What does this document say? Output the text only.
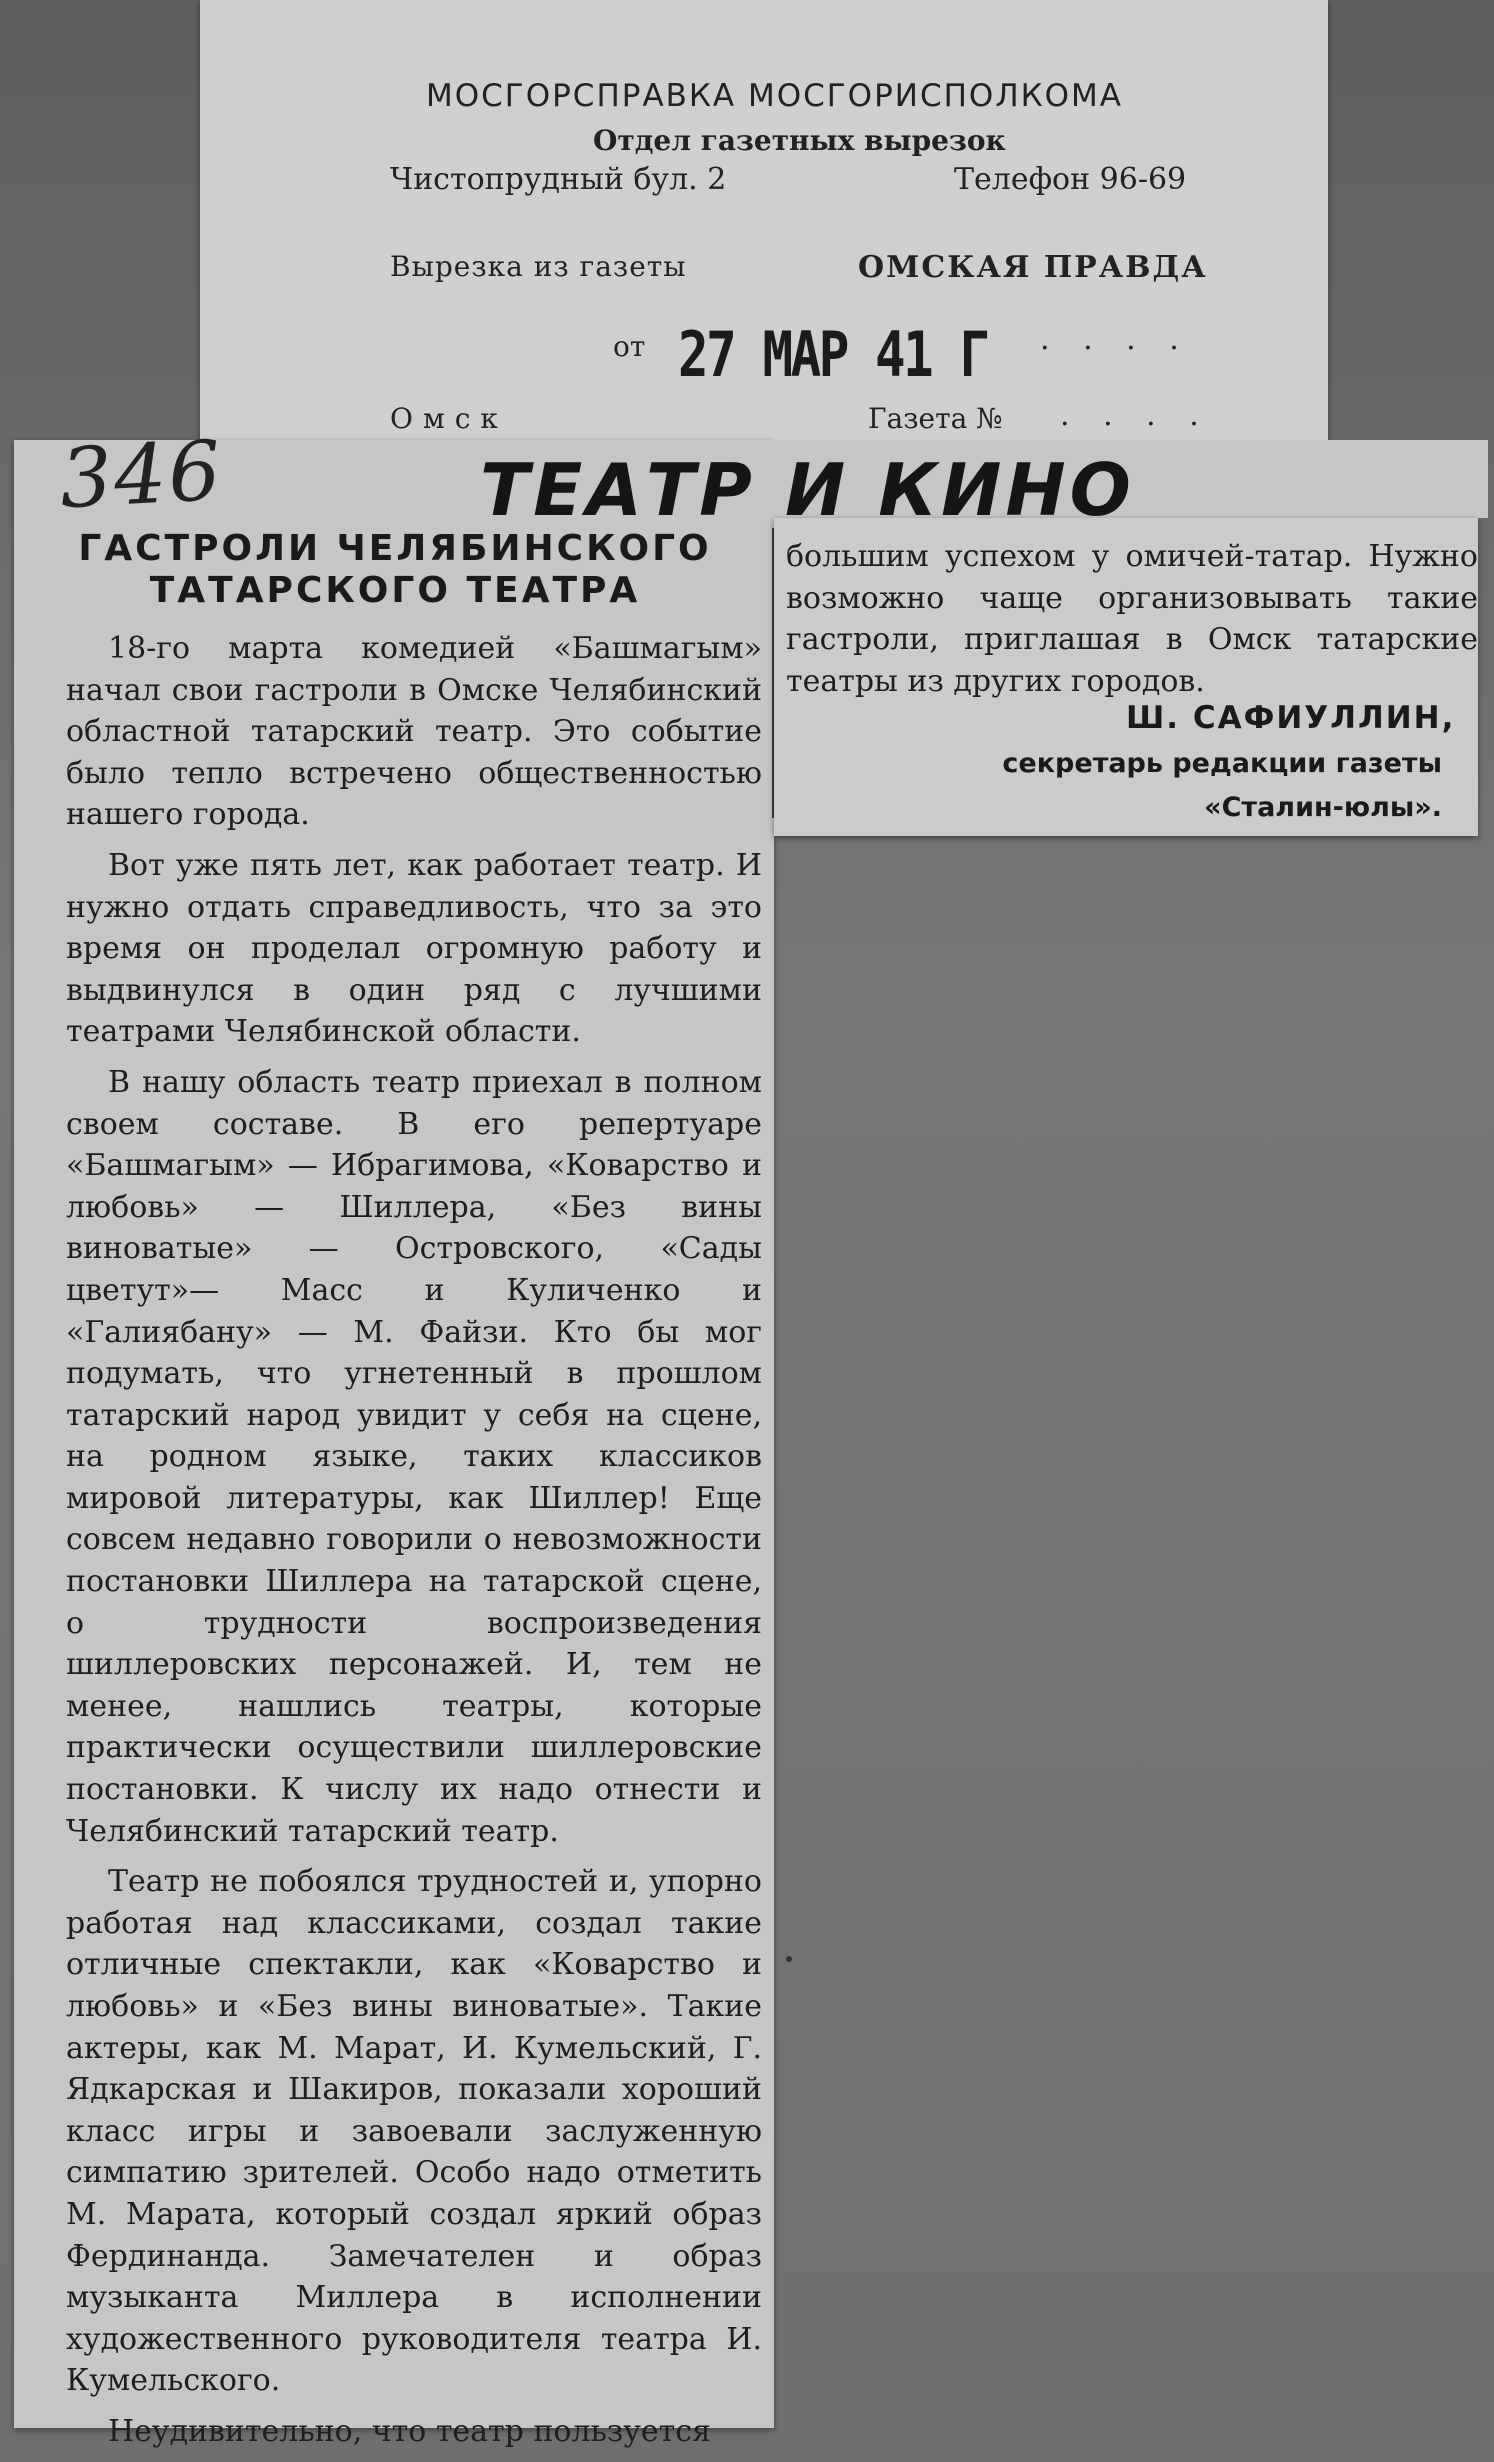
МОСГОРСПРАВКА МОСГОРИСПОЛКОМА
Отдел газетных вырезок
Чистопрудный бул. 2	Телефон 96-69
Вырезка из газеты	ОМСКАЯ ПРАВДА
от 27 МАР 41 Г . . . .
Омск	Газета № . . . .
346	ТЕАТР И КИНО
ГАСТРОЛИ ЧЕЛЯБИНСКОГО ТАТАРСКОГО ТЕАТРА

18-го марта комедией «Башмагым» начал свои гастроли в Омске Челябинский областной татарский театр. Это событие было тепло встречено общественностью нашего города.

Вот уже пять лет, как работает театр. И нужно отдать справедливость, что за это время он проделал огромную работу и выдвинулся в один ряд с лучшими театрами Челябинской области.

В нашу область театр приехал в полном своем составе. В его репертуаре «Башмагым» — Ибрагимова, «Коварство и любовь» — Шиллера, «Без вины виноватые» — Островского, «Сады цветут»— Масс и Куличенко и «Галиябану» — М. Файзи. Кто бы мог подумать, что угнетенный в прошлом татарский народ увидит у себя на сцене, на родном языке, таких классиков мировой литературы, как Шиллер! Еще совсем недавно говорили о невозможности постановки Шиллера на татарской сцене, о трудности воспроизведения шиллеровских персонажей. И, тем не менее, нашлись театры, которые практически осуществили шиллеровские постановки. К числу их надо отнести и Челябинский татарский театр.

Театр не побоялся трудностей и, упорно работая над классиками, создал такие отличные спектакли, как «Коварство и любовь» и «Без вины виноватые». Такие актеры, как М. Марат, И. Кумельский, Г. Ядкарская и Шакиров, показали хороший класс игры и завоевали заслуженную симпатию зрителей. Особо надо отметить М. Марата, который создал яркий образ Фердинанда. Замечателен и образ музыканта Миллера в исполнении художественного руководителя театра И. Кумельского.

Неудивительно, что театр пользуется

большим успехом у омичей-татар. Нужно возможно чаще организовывать такие гастроли, приглашая в Омск татарские театры из других городов.

Ш. САФИУЛЛИН,
секретарь редакции газеты
«Сталин-юлы».
